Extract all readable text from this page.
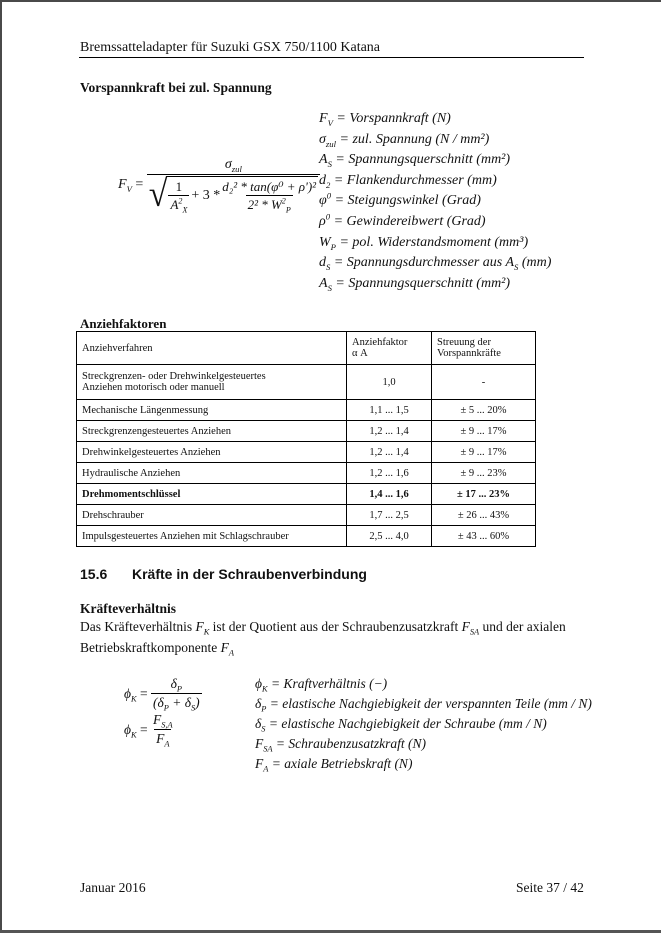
Bremssatteladapter für Suzuki GSX 750/1100 Katana
Vorspannkraft bei zul. Spannung
$F_V$ =
$\sigma_{zul}$
√ $\frac{1}{A^2_X} + 3 * \frac{\text{d₂² * tan(φ⁰ + ρ')²}}{2^2 * W^2_P}$
$F_V$ = Vorspannkraft (N)
$\sigma_{zul}$ = zul. Spannung (N / mm²)
$A_S$ = Spannungsquerschnitt (mm²)
$d_2$ = Flankendurchmesser (mm)
$\varphi^0$ = Steigungswinkel (Grad)
$\rho^0$ = Gewindereibwert (Grad)
$W_P$ = pol. Widerstandsmoment (mm³)
$d_S$ = Spannungsdurchmesser aus $A_S$ (mm)
$A_S$ = Spannungsquerschnitt (mm²)
Anziehfaktoren
Anziehverfahren	Anziehfaktor
α A	Streuung der
Vorspannkräfte
Streckgrenzen- oder Drehwinkelgesteuertes
Anziehen motorisch oder manuell	1,0	-
Mechanische Längenmessung	1,1 ... 1,5	± 5 ... 20%
Streckgrenzengesteuertes Anziehen	1,2 ... 1,4	± 9 ... 17%
Drehwinkelgesteuertes Anziehen	1,2 ... 1,4	± 9 ... 17%
Hydraulische Anziehen	1,2 ... 1,6	± 9 ... 23%
Drehmomentschlüssel	1,4 ... 1,6	± 17 ... 23%
Drehschrauber	1,7 ... 2,5	± 26 ... 43%
Impulsgesteuertes Anziehen mit Schlagschrauber	2,5 ... 4,0	± 43 ... 60%
15.6 Kräfte in der Schraubenverbindung
Kräfteverhältnis
Das Kräfteverhältnis $F_K$ ist der Quotient aus der Schraubenzusatzkraft $F_{SA}$ und der axialen
Betriebskraftkomponente $F_A$
$\phi_K = \frac{\delta_P}{(\delta_P + \delta_S)}$
$\phi_K = \frac{F_{S,A}}{F_A}$
$\phi_K$ = Kraftverhältnis (−)
$\delta_P$ = elastische Nachgiebigkeit der verspannten Teile (mm / N)
$\delta_S$ = elastische Nachgiebigkeit der Schraube (mm / N)
$F_{SA}$ = Schraubenzusatzkraft (N)
$F_A$ = axiale Betriebskraft (N)
Januar 2016	Seite 37 / 42
